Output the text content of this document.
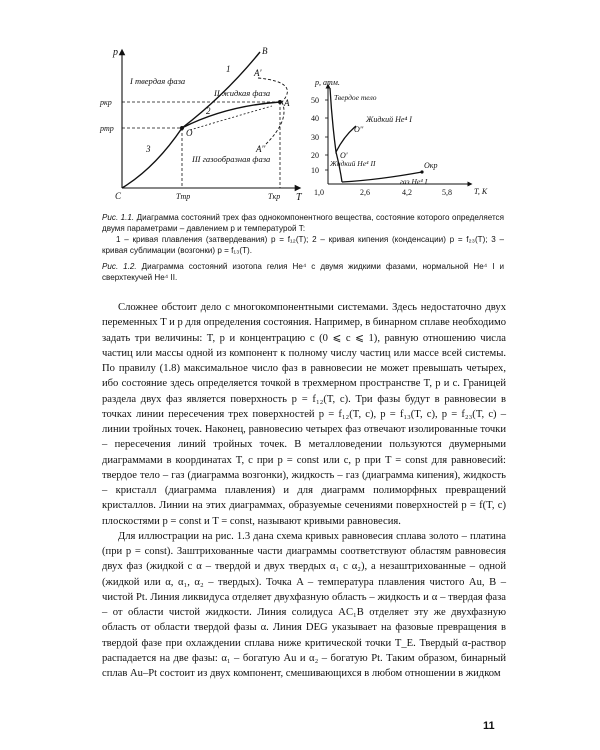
p
T
C
pкр
pтр
Tтр	Tкр
B
A'
A
A''
O
1
2
3
I твердая фаза
II жидкая фаза
III газообразная фаза
50
40
30
20
10
1,0	2,6	4,2	5,8
p, атм.
T, K
Твердое тело
Жидкий He⁴ I
Жидкий He⁴ II
газ He⁴ I
O'
O''
Oкр

Рис. 1.1. Диаграмма состояний трех фаз однокомпонентного вещества, состояние которого определяется двумя параметрами – давлением p и температурой T:

1 – кривая плавления (затвердевания) p = f₁₂(T); 2 – кривая кипения (конденсации) p = f₂₃(T); 3 – кривая сублимации (возгонки) p = f₁₃(T).

Рис. 1.2. Диаграмма состояний изотопа гелия He⁴ с двумя жидкими фазами, нормальной He⁴ I и сверхтекучей He⁴ II.

Сложнее обстоит дело с многокомпонентными системами. Здесь недостаточно двух переменных T и p для определения состояния. Например, в бинарном сплаве необходимо задать три величины: T, p и концентрацию c (0 ⩽ c ⩽ 1), равную отношению числа частиц или массы одной из компонент к полному числу частиц или массе всей системы. По правилу (1.8) максимальное число фаз в равновесии не может превышать четырех, ибо состояние здесь определяется точкой в трехмерном пространстве T, p и c. Границей раздела двух фаз является поверхность p = f₁₂(T, c). Три фазы будут в равновесии в точках линии пересечения трех поверхностей p = f₁₂(T, c), p = f₁₃(T, c), p = f₂₃(T, c) – линии тройных точек. Наконец, равновесию четырех фаз отвечают изолированные точки – пересечения линий тройных точек. В металловедении пользуются двумерными диаграммами в координатах T, c при p = const или c, p при T = const для равновесий: твердое тело – газ (диаграмма возгонки), жидкость – газ (диаграмма кипения), жидкость – кристалл (диаграмма плавления) и для диаграмм полиморфных превращений кристаллов. Линии на этих диаграммах, образуемые сечениями поверхностей p = f(T, c) плоскостями p = const и T = const, называют кривыми равновесия.

Для иллюстрации на рис. 1.3 дана схема кривых равновесия сплава золото – платина (при p = const). Заштрихованные части диаграммы соответствуют областям равновесия двух фаз (жидкой с α – твердой и двух твердых α₁ с α₂), а незаштрихованные – одной (жидкой или α, α₁, α₂ – твердых). Точка A – температура плавления чистого Au, B – чистой Pt. Линия ликвидуса отделяет двухфазную область – жидкость и α – твердая фаза – от области чистой жидкости. Линия солидуса AC₁B отделяет эту же двухфазную область от области твердой фазы α. Линия DEG указывает на фазовые превращения в твердой фазе при охлаждении сплава ниже критической точки T_E. Твердый α-раствор распадается на две фазы: α₁ – богатую Au и α₂ – богатую Pt. Таким образом, бинарный сплав Au–Pt состоит из двух компонент, смешивающихся в любом отношении в жидком

11
